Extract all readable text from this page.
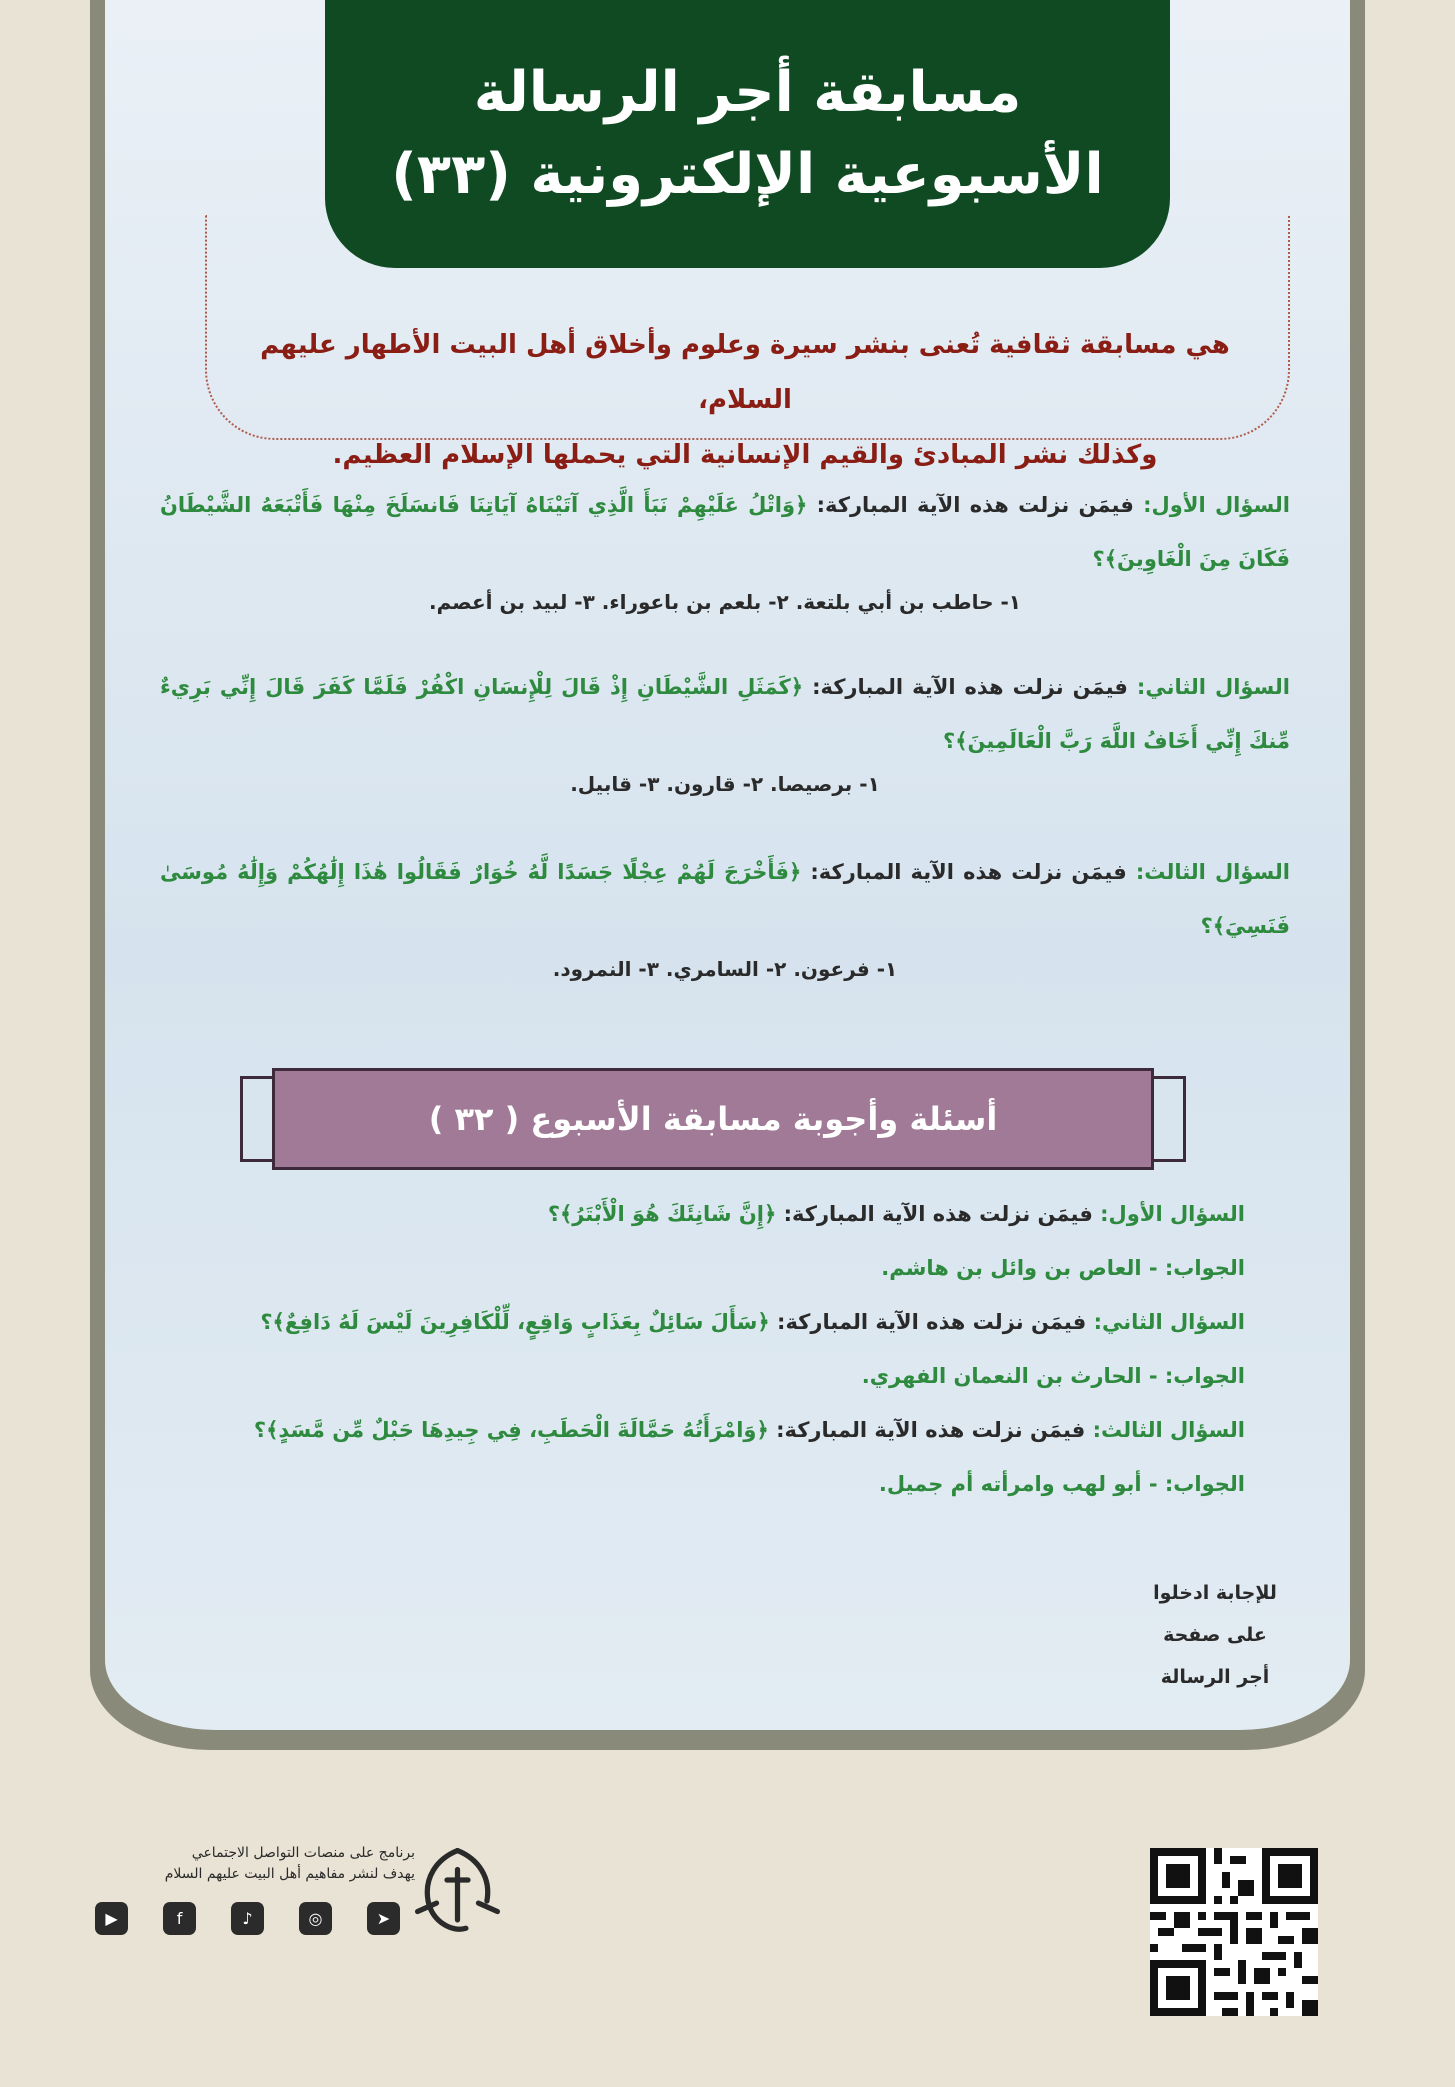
مسابقة أجر الرسالة
الأسبوعية الإلكترونية (٣٣)
هي مسابقة ثقافية تُعنى بنشر سيرة وعلوم وأخلاق أهل البيت الأطهار عليهم السلام،
وكذلك نشر المبادئ والقيم الإنسانية التي يحملها الإسلام العظيم.
السؤال الأول: فيمَن نزلت هذه الآية المباركة: ﴿وَاتْلُ عَلَيْهِمْ نَبَأَ الَّذِي آتَيْنَاهُ آيَاتِنَا فَانسَلَخَ مِنْهَا فَأَتْبَعَهُ الشَّيْطَانُ فَكَانَ مِنَ الْغَاوِينَ﴾؟
١- حاطب بن أبي بلتعة. ٢- بلعم بن باعوراء. ٣- لبيد بن أعصم.
السؤال الثاني: فيمَن نزلت هذه الآية المباركة: ﴿كَمَثَلِ الشَّيْطَانِ إِذْ قَالَ لِلْإِنسَانِ اكْفُرْ فَلَمَّا كَفَرَ قَالَ إِنِّي بَرِيءٌ مِّنكَ إِنِّي أَخَافُ اللَّهَ رَبَّ الْعَالَمِينَ﴾؟
١- برصيصا. ٢- قارون. ٣- قابيل.
السؤال الثالث: فيمَن نزلت هذه الآية المباركة: ﴿فَأَخْرَجَ لَهُمْ عِجْلًا جَسَدًا لَّهُ خُوَارٌ فَقَالُوا هَٰذَا إِلَٰهُكُمْ وَإِلَٰهُ مُوسَىٰ فَنَسِيَ﴾؟
١- فرعون. ٢- السامري. ٣- النمرود.
أسئلة وأجوبة مسابقة الأسبوع ( ٣٢ )
السؤال الأول: فيمَن نزلت هذه الآية المباركة: ﴿إِنَّ شَانِئَكَ هُوَ الْأَبْتَرُ﴾؟
الجواب: - العاص بن وائل بن هاشم.
السؤال الثاني: فيمَن نزلت هذه الآية المباركة: ﴿سَأَلَ سَائِلٌ بِعَذَابٍ وَاقِعٍ، لِّلْكَافِرِينَ لَيْسَ لَهُ دَافِعٌ﴾؟
الجواب: - الحارث بن النعمان الفهري.
السؤال الثالث: فيمَن نزلت هذه الآية المباركة: ﴿وَامْرَأَتُهُ حَمَّالَةَ الْحَطَبِ، فِي جِيدِهَا حَبْلٌ مِّن مَّسَدٍ﴾؟
الجواب: - أبو لهب وامرأته أم جميل.
للإجابة ادخلوا
على صفحة
أجر الرسالة
برنامج على منصات التواصل الاجتماعي
يهدف لنشر مفاهيم أهل البيت عليهم السلام
▶	f	♪	◎	➤
